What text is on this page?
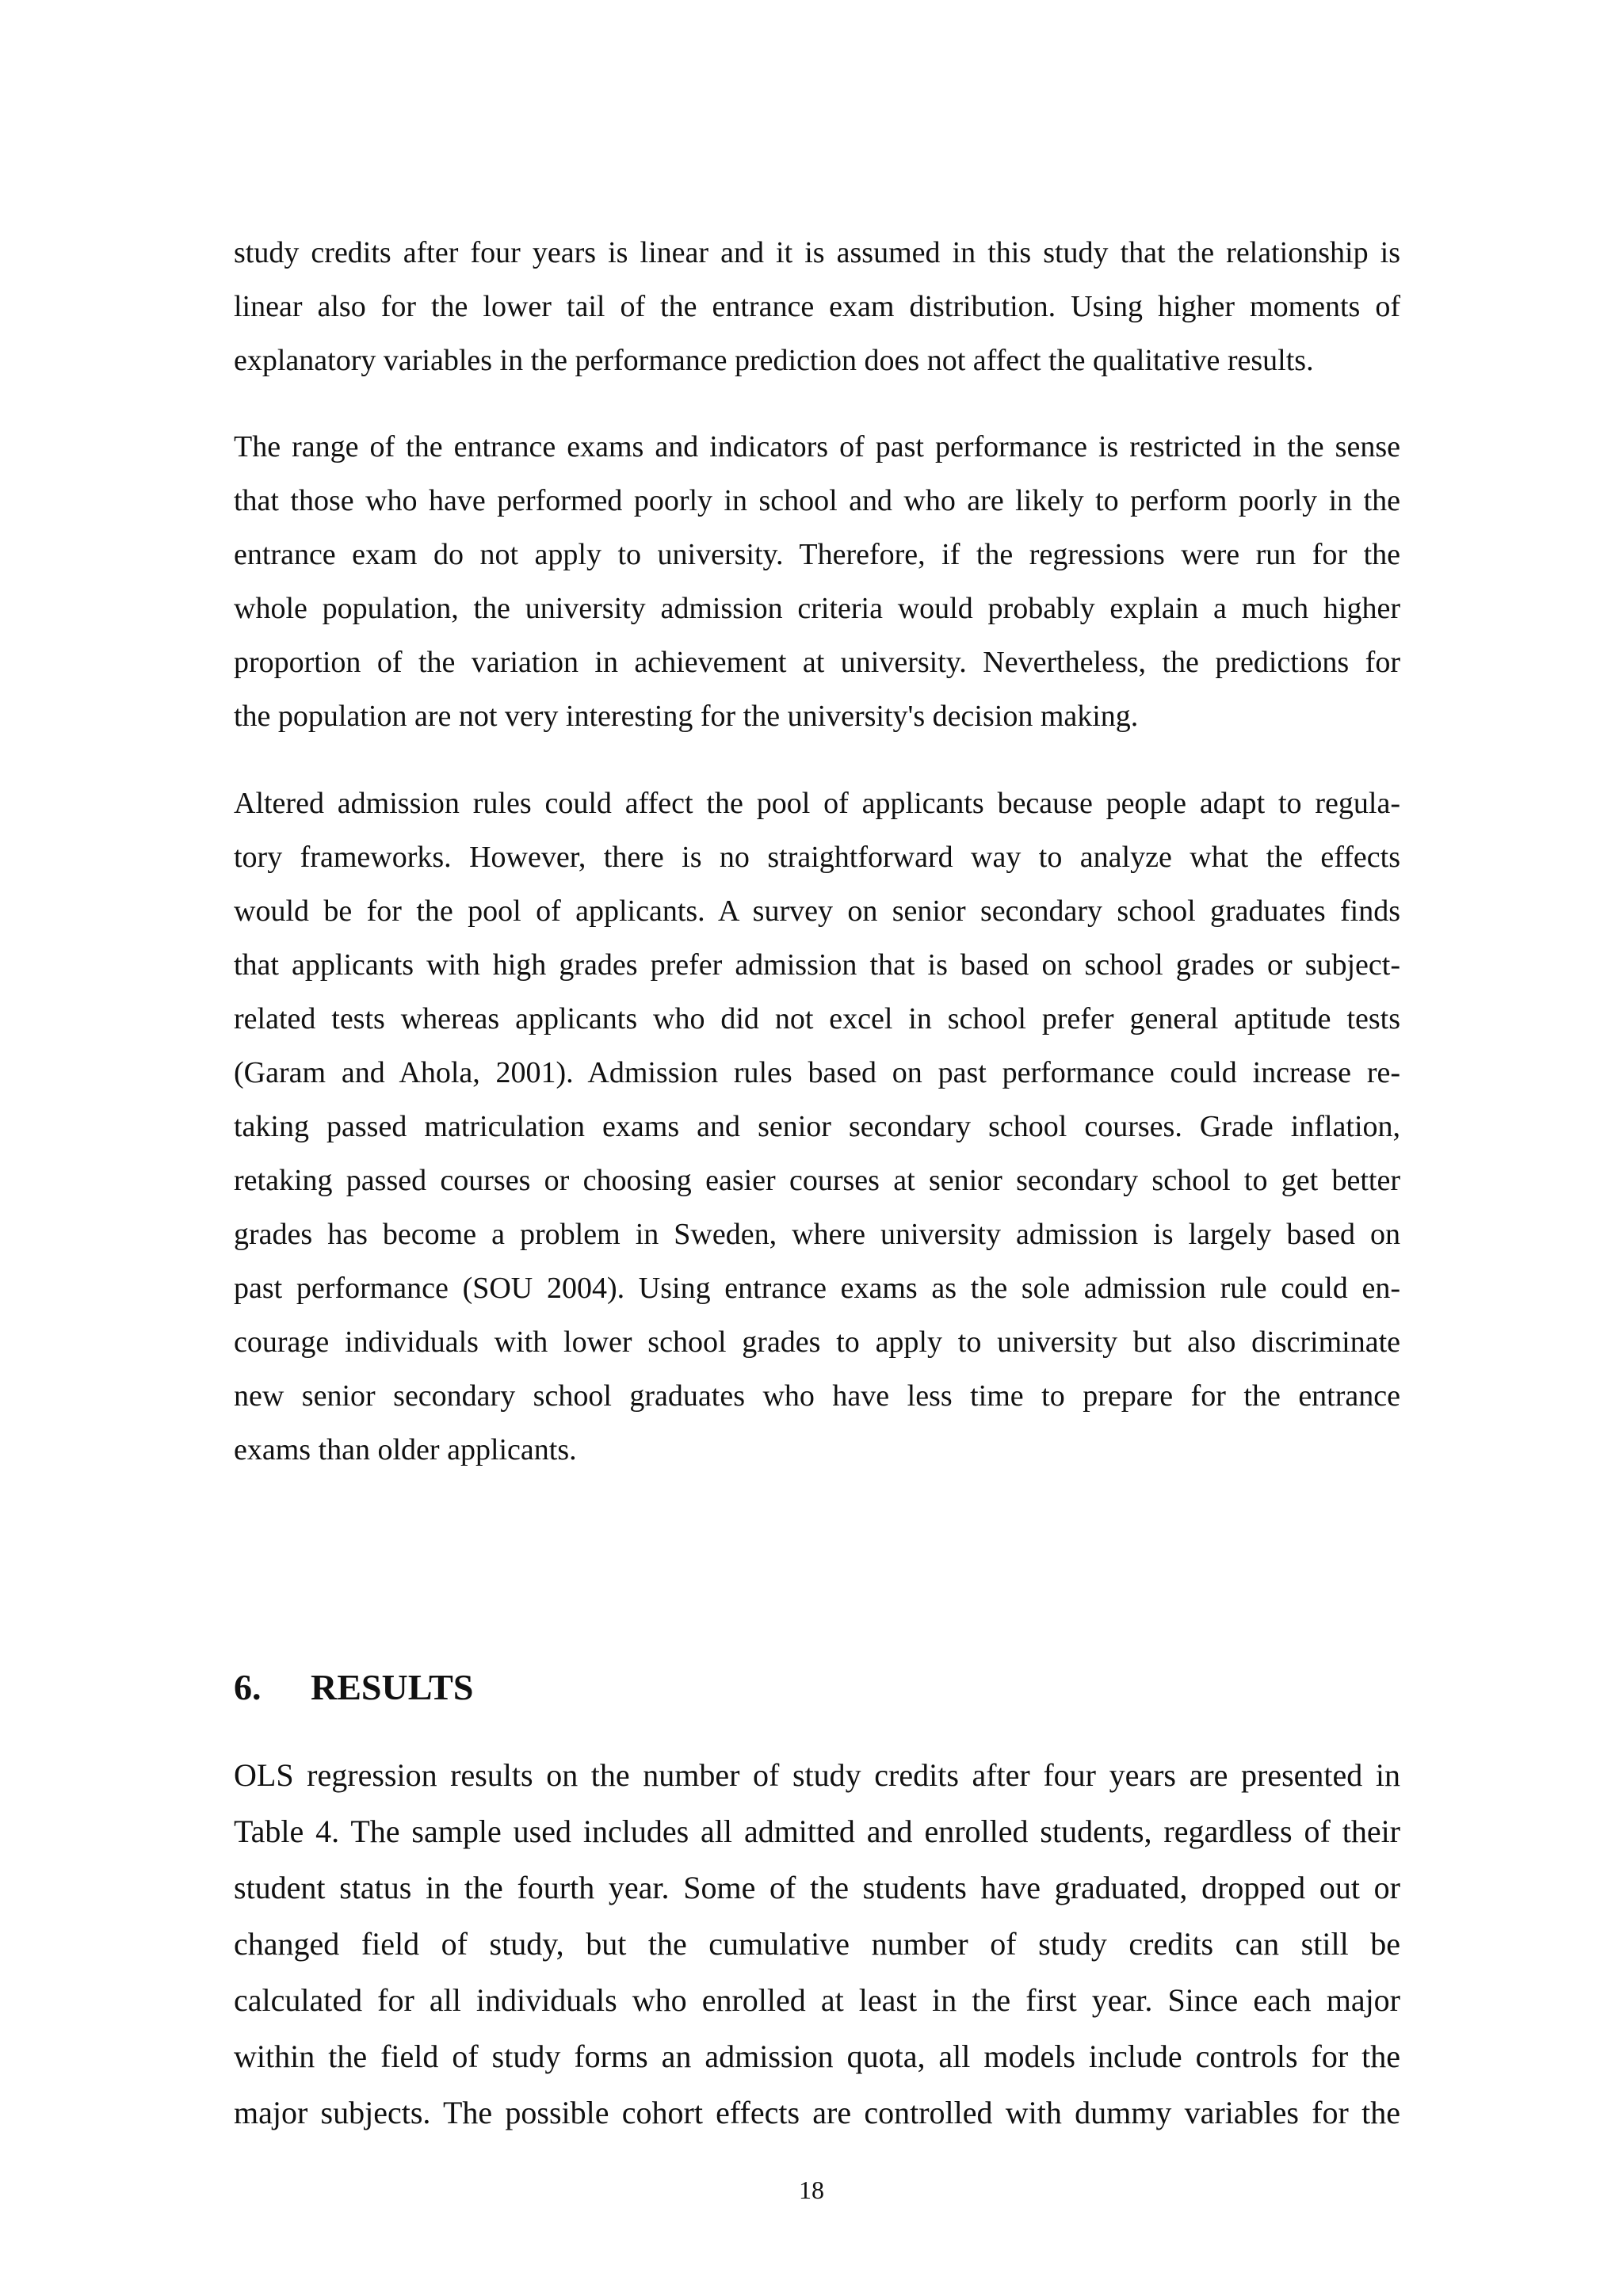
study credits after four years is linear and it is assumed in this study that the relationship is
linear also for the lower tail of the entrance exam distribution. Using higher moments of
explanatory variables in the performance prediction does not affect the qualitative results.
The range of the entrance exams and indicators of past performance is restricted in the sense
that those who have performed poorly in school and who are likely to perform poorly in the
entrance exam do not apply to university. Therefore, if the regressions were run for the
whole population, the university admission criteria would probably explain a much higher
proportion of the variation in achievement at university. Nevertheless, the predictions for
the population are not very interesting for the university's decision making.
Altered admission rules could affect the pool of applicants because people adapt to regula-
tory frameworks. However, there is no straightforward way to analyze what the effects
would be for the pool of applicants. A survey on senior secondary school graduates finds
that applicants with high grades prefer admission that is based on school grades or subject-
related tests whereas applicants who did not excel in school prefer general aptitude tests
(Garam and Ahola, 2001). Admission rules based on past performance could increase re-
taking passed matriculation exams and senior secondary school courses. Grade inflation,
retaking passed courses or choosing easier courses at senior secondary school to get better
grades has become a problem in Sweden, where university admission is largely based on
past performance (SOU 2004). Using entrance exams as the sole admission rule could en-
courage individuals with lower school grades to apply to university but also discriminate
new senior secondary school graduates who have less time to prepare for the entrance
exams than older applicants.
6. RESULTS
OLS regression results on the number of study credits after four years are presented in
Table 4. The sample used includes all admitted and enrolled students, regardless of their
student status in the fourth year. Some of the students have graduated, dropped out or
changed field of study, but the cumulative number of study credits can still be
calculated for all individuals who enrolled at least in the first year. Since each major
within the field of study forms an admission quota, all models include controls for the
major subjects. The possible cohort effects are controlled with dummy variables for the
18
